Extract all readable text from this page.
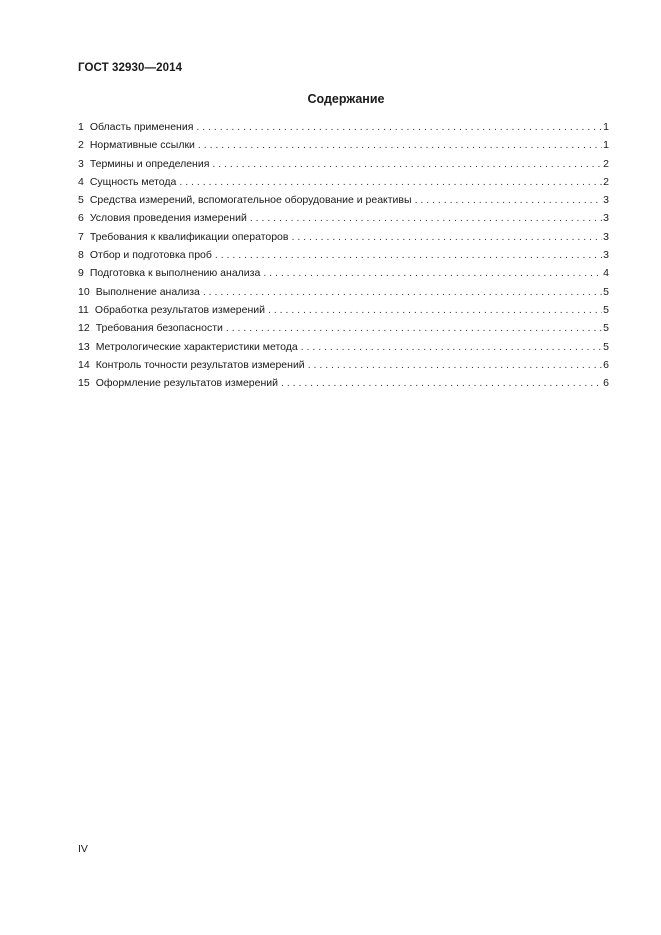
ГОСТ 32930—2014
Содержание
1 Область применения . . .	1
2 Нормативные ссылки . . .	1
3 Термины и определения . . .	2
4 Сущность метода . . .	2
5 Средства измерений, вспомогательное оборудование и реактивы . . .	3
6 Условия проведения измерений . . .	3
7 Требования к квалификации операторов . . .	3
8 Отбор и подготовка проб . . .	3
9 Подготовка к выполнению анализа . . .	4
10 Выполнение анализа . . .	5
11 Обработка результатов измерений . . .	5
12 Требования безопасности . . .	5
13 Метрологические характеристики метода . . .	5
14 Контроль точности результатов измерений . . .	6
15 Оформление результатов измерений . . .	6
IV
